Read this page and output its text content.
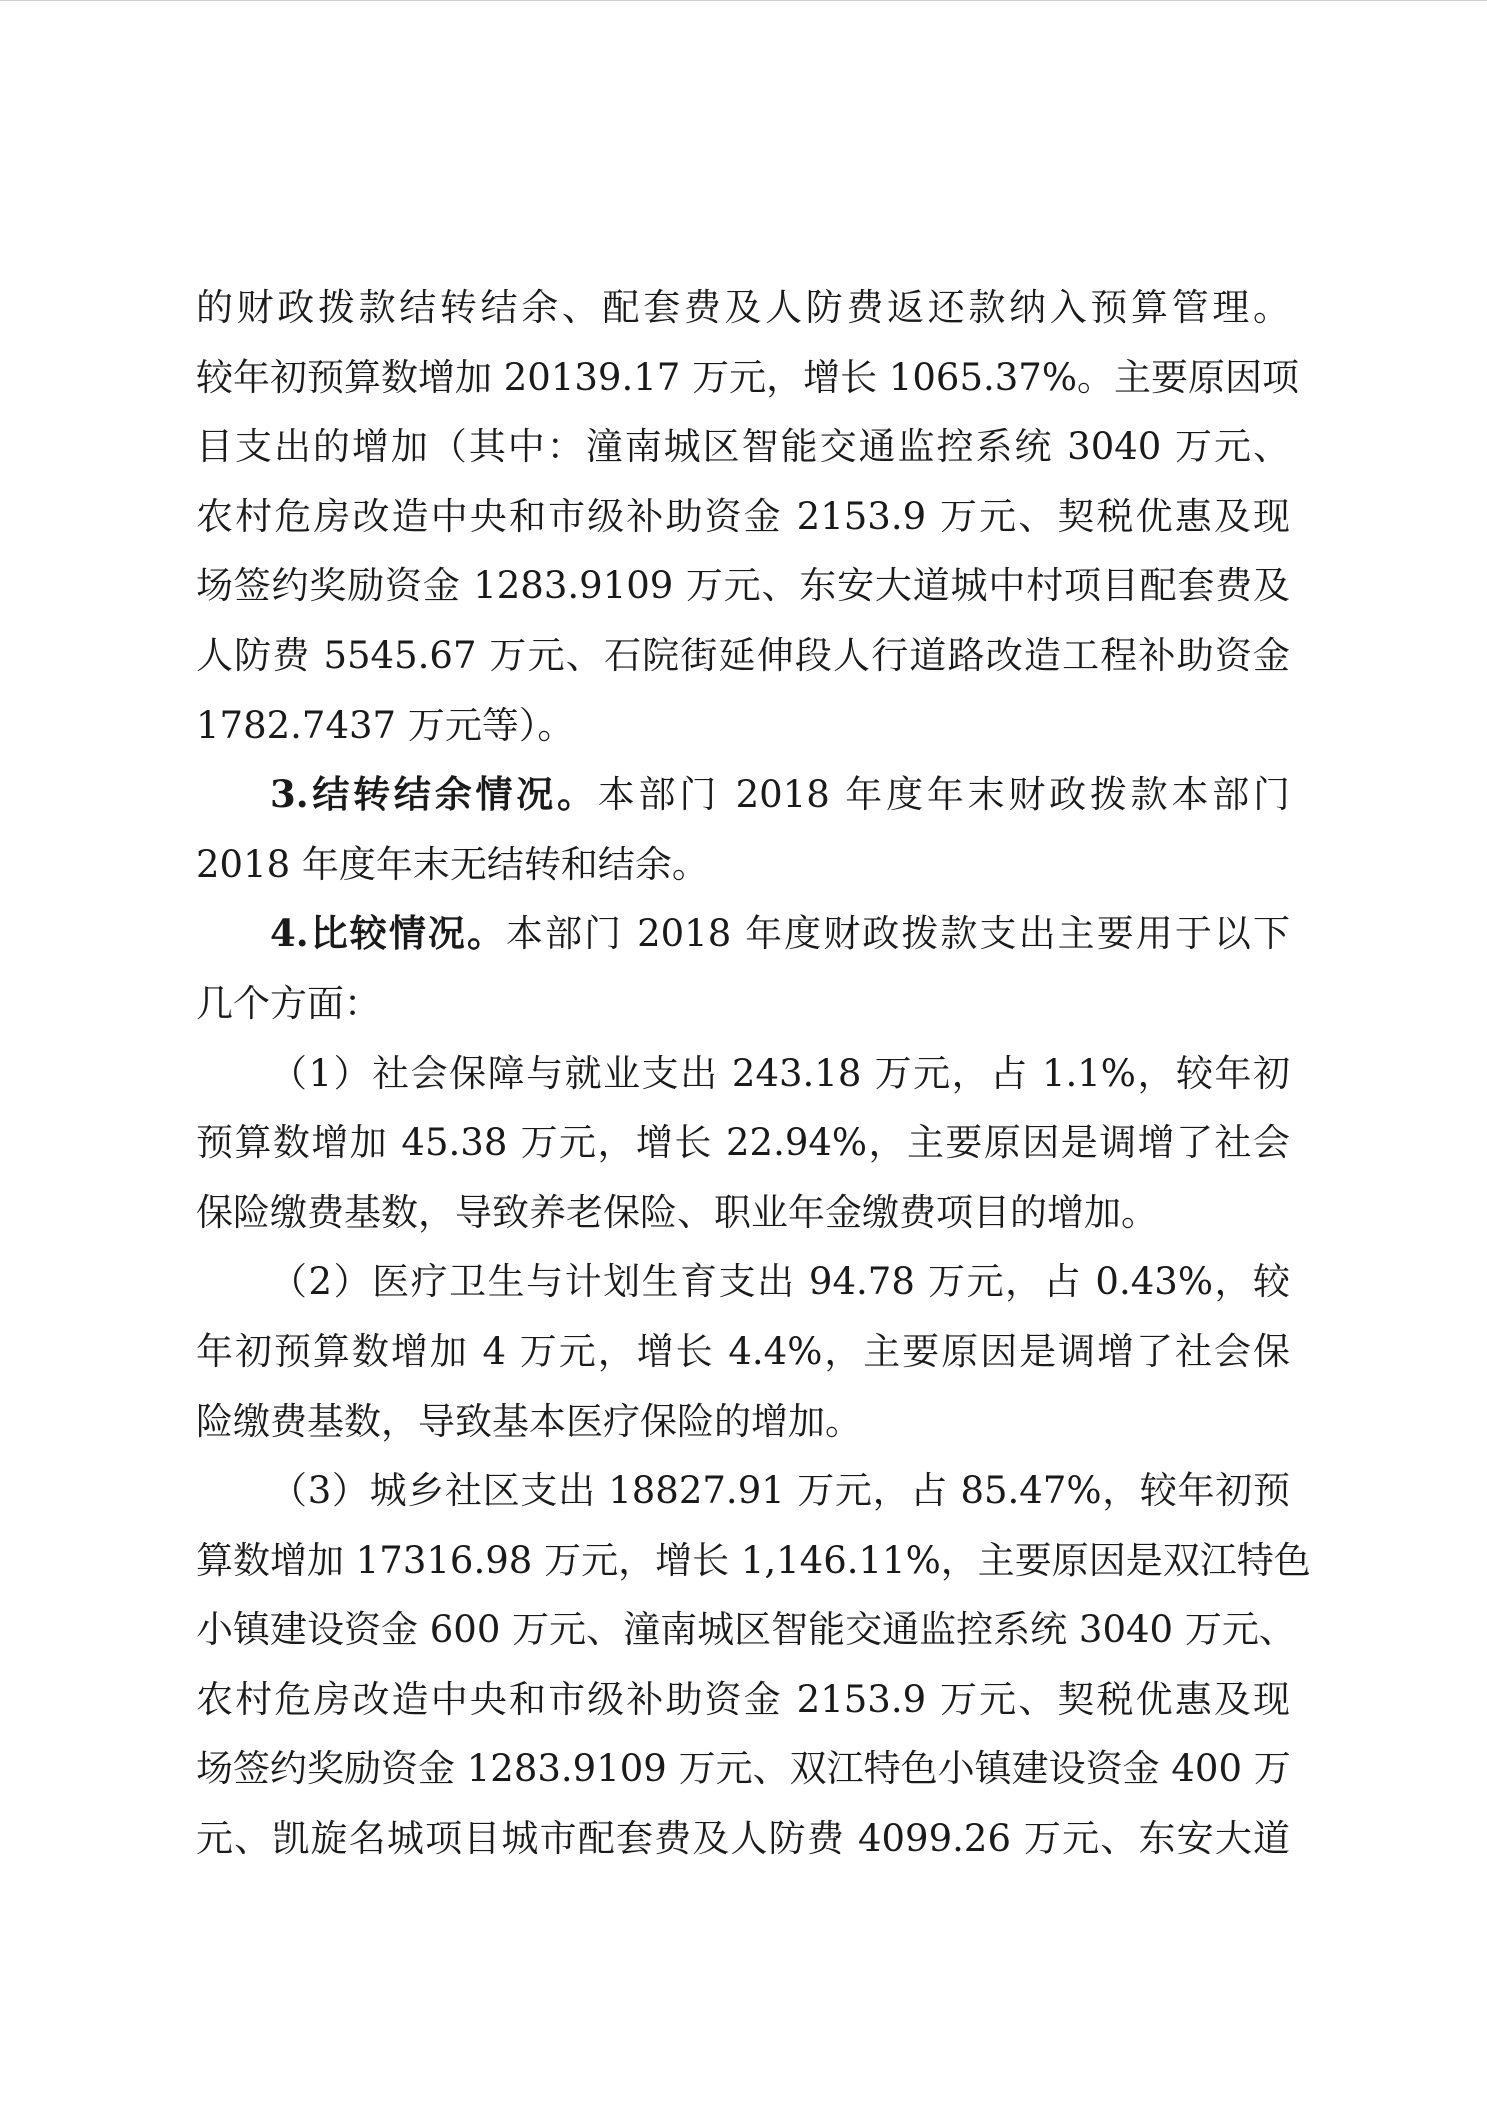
的财政拨款结转结余、配套费及人防费返还款纳入预算管理。
较年初预算数增加 20139.17 万元，增长 1065.37%。主要原因项
目支出的增加（其中：潼南城区智能交通监控系统 3040 万元、
农村危房改造中央和市级补助资金 2153.9 万元、契税优惠及现
场签约奖励资金 1283.9109 万元、东安大道城中村项目配套费及
人防费 5545.67 万元、石院街延伸段人行道路改造工程补助资金
1782.7437 万元等）。
3.结转结余情况。本部门 2018 年度年末财政拨款本部门
2018 年度年末无结转和结余。
4.比较情况。本部门 2018 年度财政拨款支出主要用于以下
几个方面：
（1）社会保障与就业支出 243.18 万元，占 1.1%，较年初
预算数增加 45.38 万元，增长 22.94%，主要原因是调增了社会
保险缴费基数，导致养老保险、职业年金缴费项目的增加。
（2）医疗卫生与计划生育支出 94.78 万元，占 0.43%，较
年初预算数增加 4 万元，增长 4.4%，主要原因是调增了社会保
险缴费基数，导致基本医疗保险的增加。
（3）城乡社区支出 18827.91 万元，占 85.47%，较年初预
算数增加 17316.98 万元，增长 1,146.11%，主要原因是双江特色
小镇建设资金 600 万元、潼南城区智能交通监控系统 3040 万元、
农村危房改造中央和市级补助资金 2153.9 万元、契税优惠及现
场签约奖励资金 1283.9109 万元、双江特色小镇建设资金 400 万
元、凯旋名城项目城市配套费及人防费 4099.26 万元、东安大道
